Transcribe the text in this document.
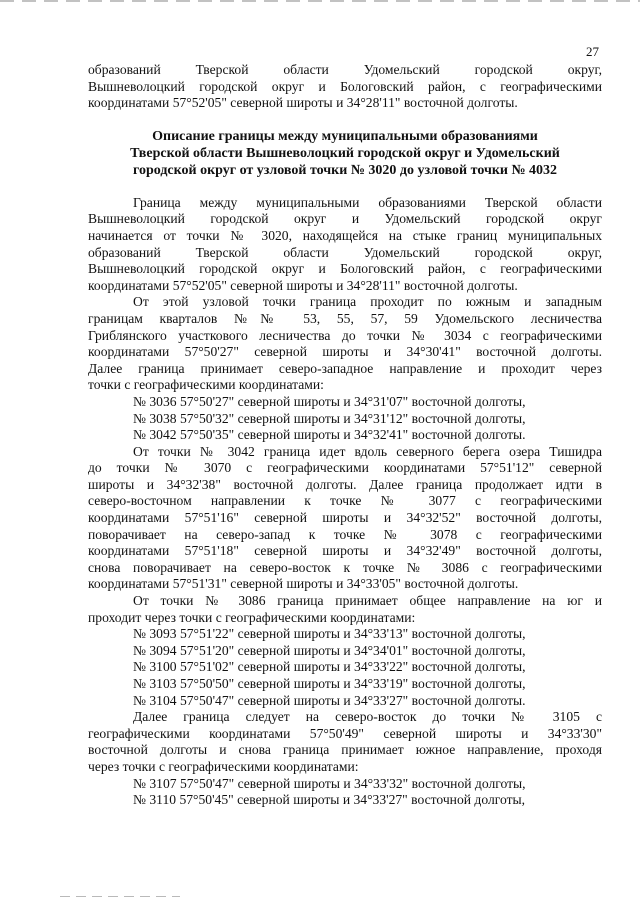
27
образований Тверской области Удомельский городской округ,
Вышневолоцкий городской округ и Бологовский район, с географическими
координатами 57°52'05" северной широты и 34°28'11" восточной долготы.
Описание границы между муниципальными образованиями
Тверской области Вышневолоцкий городской округ и Удомельский
городской округ от узловой точки № 3020 до узловой точки № 4032
Граница между муниципальными образованиями Тверской области
Вышневолоцкий городской округ и Удомельский городской округ
начинается от точки № 3020, находящейся на стыке границ муниципальных
образований Тверской области Удомельский городской округ,
Вышневолоцкий городской округ и Бологовский район, с географическими
координатами 57°52'05" северной широты и 34°28'11" восточной долготы.
От этой узловой точки граница проходит по южным и западным
границам кварталов №№ 53, 55, 57, 59 Удомельского лесничества
Гриблянского участкового лесничества до точки № 3034 с географическими
координатами 57°50'27" северной широты и 34°30'41" восточной долготы.
Далее граница принимает северо-западное направление и проходит через
точки с географическими координатами:
№ 3036 57°50'27" северной широты и 34°31'07" восточной долготы,
№ 3038 57°50'32" северной широты и 34°31'12" восточной долготы,
№ 3042 57°50'35" северной широты и 34°32'41" восточной долготы.
От точки № 3042 граница идет вдоль северного берега озера Тишидра
до точки № 3070 с географическими координатами 57°51'12" северной
широты и 34°32'38" восточной долготы. Далее граница продолжает идти в
северо-восточном направлении к точке № 3077 с географическими
координатами 57°51'16" северной широты и 34°32'52" восточной долготы,
поворачивает на северо-запад к точке № 3078 с географическими
координатами 57°51'18" северной широты и 34°32'49" восточной долготы,
снова поворачивает на северо-восток к точке № 3086 с географическими
координатами 57°51'31" северной широты и 34°33'05" восточной долготы.
От точки № 3086 граница принимает общее направление на юг и
проходит через точки с географическими координатами:
№ 3093 57°51'22" северной широты и 34°33'13" восточной долготы,
№ 3094 57°51'20" северной широты и 34°34'01" восточной долготы,
№ 3100 57°51'02" северной широты и 34°33'22" восточной долготы,
№ 3103 57°50'50" северной широты и 34°33'19" восточной долготы,
№ 3104 57°50'47" северной широты и 34°33'27" восточной долготы.
Далее граница следует на северо-восток до точки № 3105 с
географическими координатами 57°50'49" северной широты и 34°33'30"
восточной долготы и снова граница принимает южное направление, проходя
через точки с географическими координатами:
№ 3107 57°50'47" северной широты и 34°33'32" восточной долготы,
№ 3110 57°50'45" северной широты и 34°33'27" восточной долготы,
